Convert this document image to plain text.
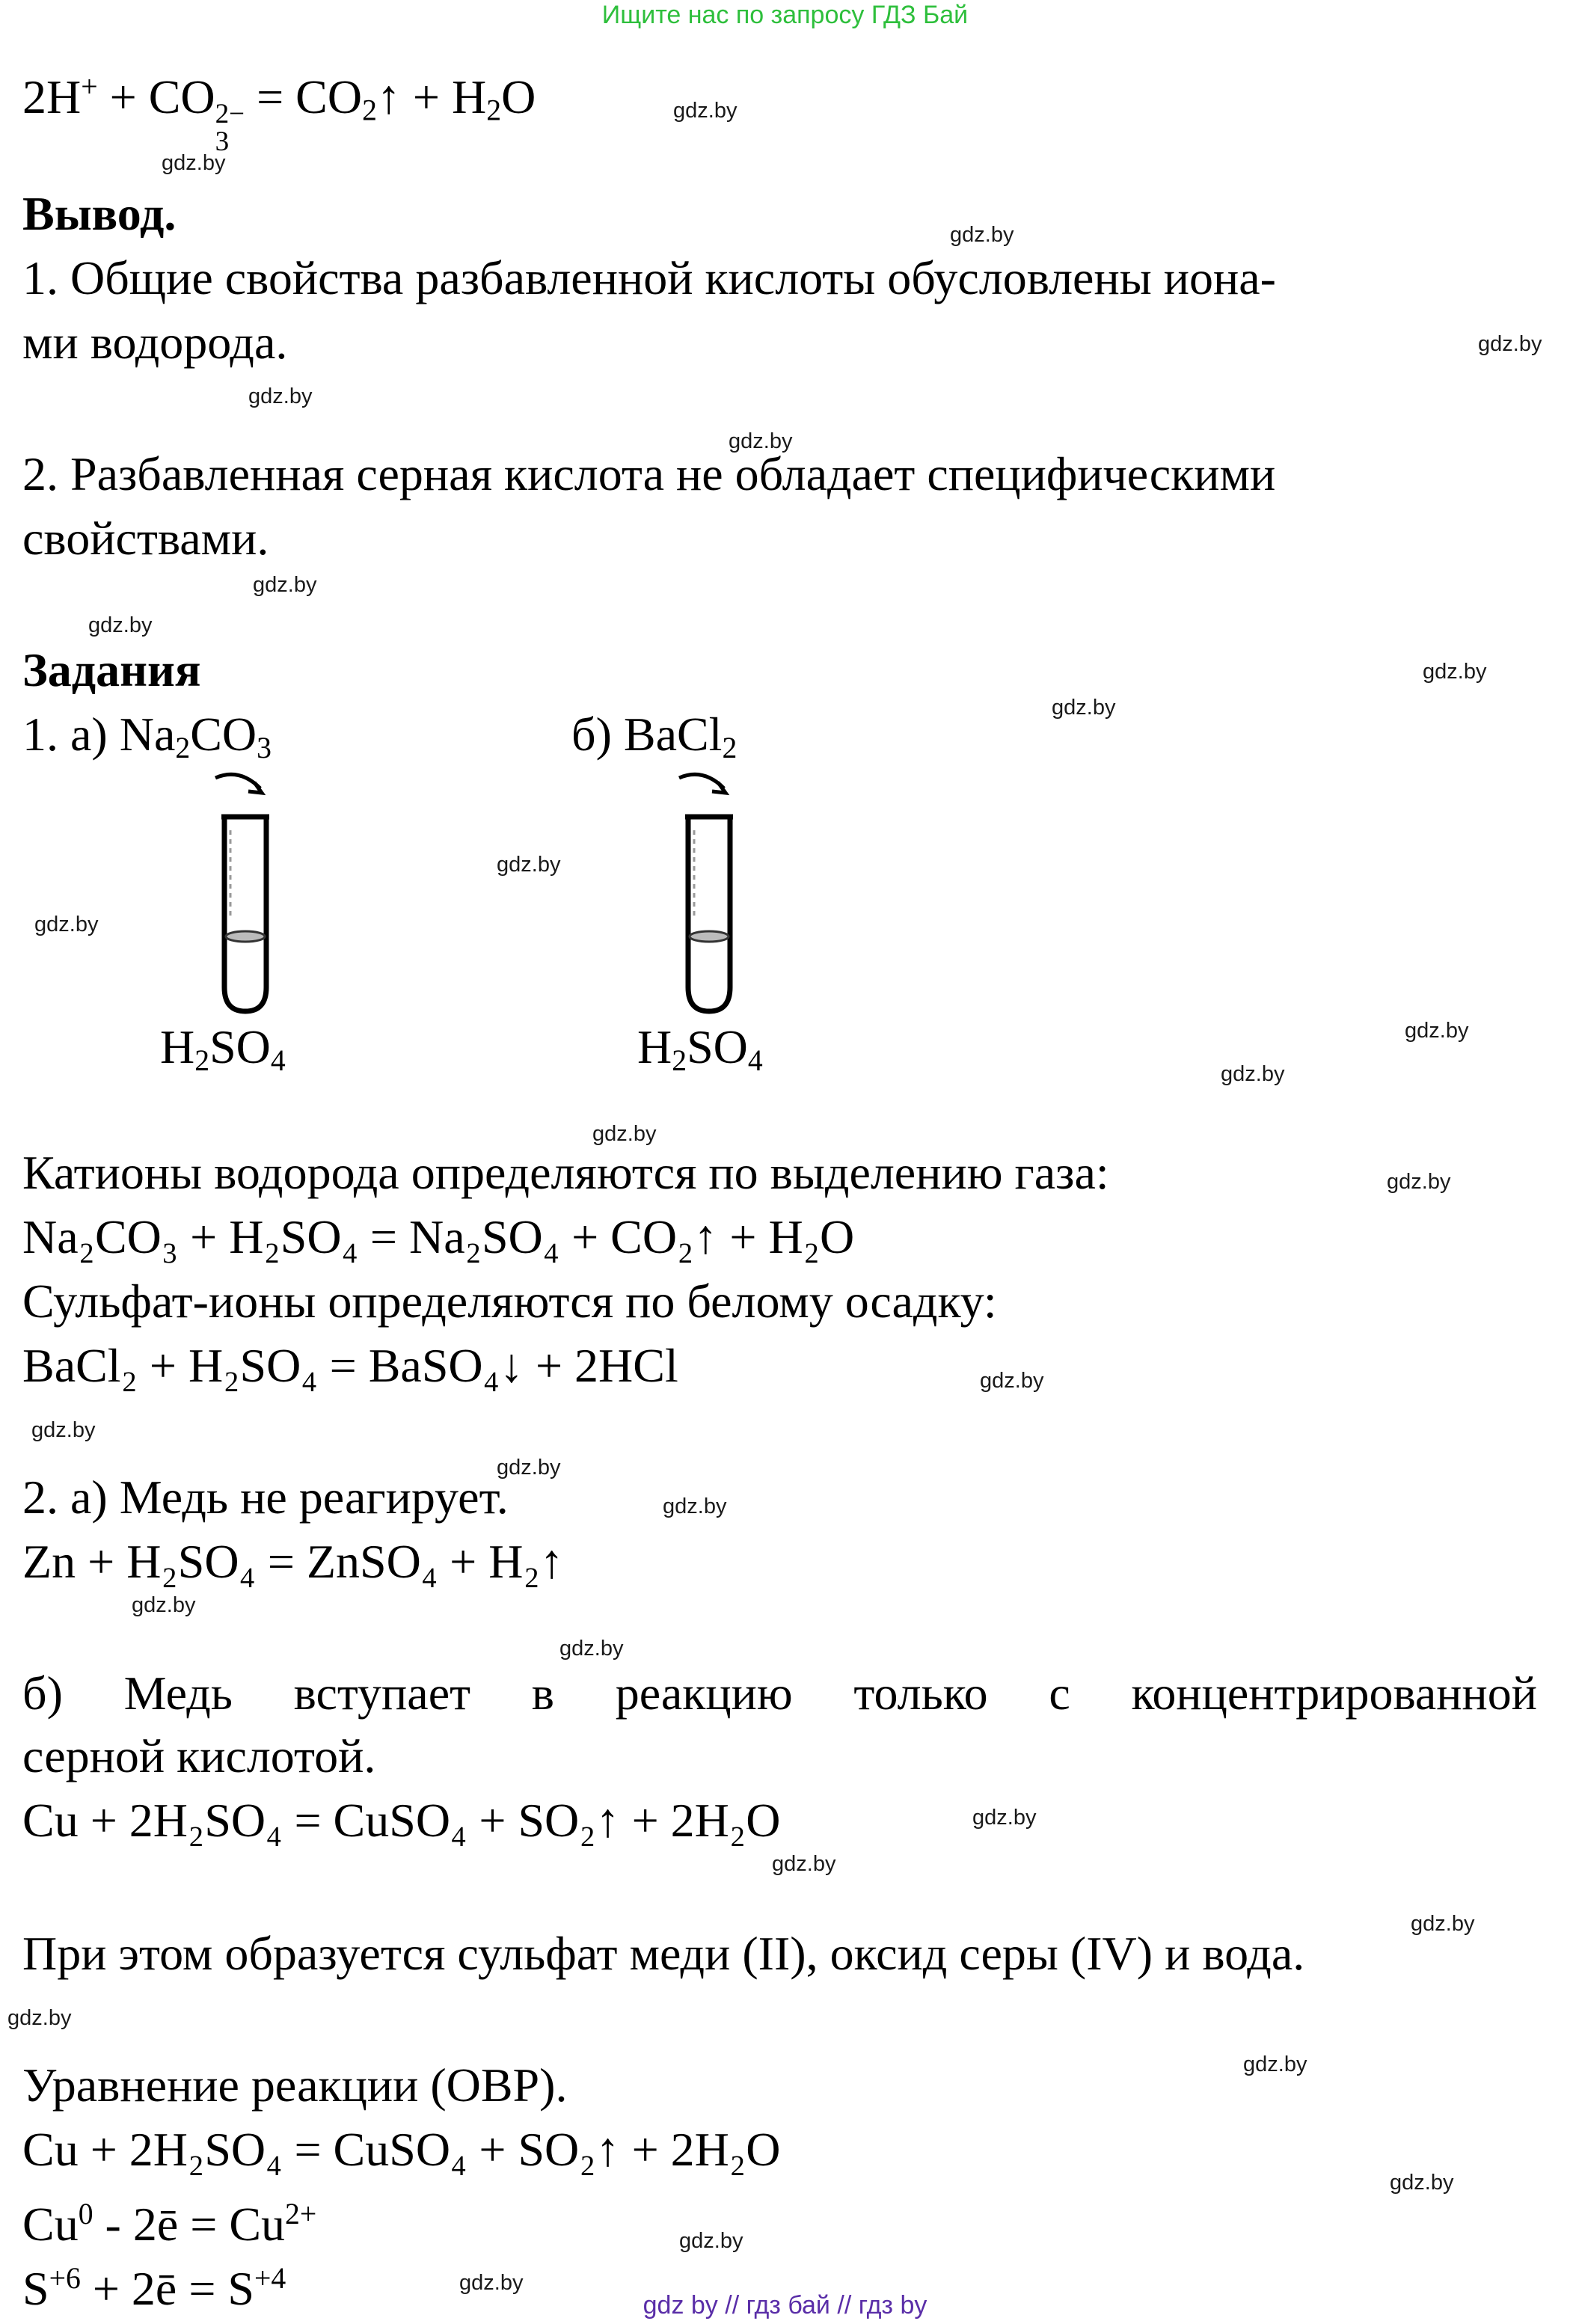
Ищите нас по запросу ГДЗ Бай
2H+ + CO 2−
3
= $CO_2↑ + H_2O$
Вывод.
1. Общие свойства разбавленной кислоты обусловлены иона-
ми водорода.
2. Разбавленная серная кислота не обладает специфическими
свойствами.
Задания
1. а) $Na_2CO_3$	б) BaCl$_2$
$H_2SO_4$	$H_2SO_4$
Катионы водорода определяются по выделению газа:
Na₂CO₃ + H₂SO₄ = Na₂SO₄ + CO₂↑ + H₂O
Сульфат-ионы определяются по белому осадку:
BaCl₂ + H₂SO₄ = BaSO₄↓ + 2HCl
2. а) Медь не реагирует.
Zn + H₂SO₄ = ZnSO₄ + H₂↑
б) Медь вступает в реакцию только с концентрированной
серной кислотой.
Cu + 2H₂SO₄ = CuSO₄ + SO₂↑ + 2H₂O
При этом образуется сульфат меди (II), оксид серы (IV) и вода.
Уравнение реакции (ОВР).
Cu + 2H₂SO₄ = CuSO₄ + SO₂↑ + 2H₂O
Cu$^0$ - 2ē = $Cu^{2+}$
$S^{+6}$ + 2ē = $S^{+4}$
gdz.by
gdz.by
gdz.by
gdz.by
gdz.by
gdz.by
gdz.by
gdz.by
gdz.by
gdz.by
gdz.by
gdz.by
gdz.by
gdz.by
gdz.by
gdz.by
gdz.by
gdz.by
gdz.by
gdz.by
gdz.by
gdz.by
gdz.by
gdz.by
gdz.by
gdz.by
gdz.by
gdz.by
gdz.by
gdz.by
gdz by // гдз бай // гдз by
